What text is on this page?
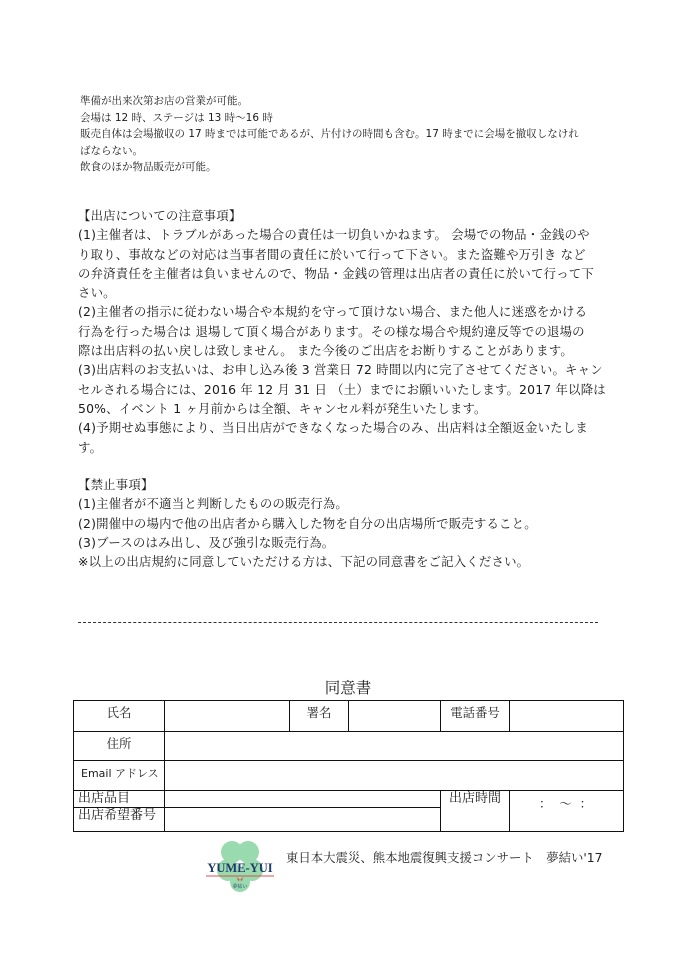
準備が出来次第お店の営業が可能。
会場は 12 時、ステージは 13 時～16 時
販売自体は会場撤収の 17 時までは可能であるが、片付けの時間も含む。17 時までに会場を撤収しなけれ
ばならない。
飲食のほか物品販売が可能。
【出店についての注意事項】
(1)主催者は、トラブルがあった場合の責任は一切負いかねます。 会場での物品・金銭のや
り取り、事故などの対応は当事者間の責任に於いて行って下さい。また盗難や万引き など
の弁済責任を主催者は負いませんので、物品・金銭の管理は出店者の責任に於いて行って下
さい。
(2)主催者の指示に従わない場合や本規約を守って頂けない場合、また他人に迷惑をかける
行為を行った場合は 退場して頂く場合があります。その様な場合や規約違反等での退場の
際は出店料の払い戻しは致しません。 また今後のご出店をお断りすることがあります。
(3)出店料のお支払いは、お申し込み後 3 営業日 72 時間以内に完了させてください。キャン
セルされる場合には、2016 年 12 月 31 日 （土）までにお願いいたします。2017 年以降は
50%、イベント 1 ヶ月前からは全額、キャンセル料が発生いたします。
(4)予期せぬ事態により、当日出店ができなくなった場合のみ、出店料は全額返金いたしま
す。
【禁止事項】
(1)主催者が不適当と判断したものの販売行為。
(2)開催中の場内で他の出店者から購入した物を自分の出店場所で販売すること。
(3)ブースのはみ出し、及び強引な販売行為。
※以上の出店規約に同意していただける方は、下記の同意書をご記入ください。
同意書
氏名		署名		電話番号	
住所					
Email アドレス					
出店品目				出店時間	： ～ ：
出店希望番号					
YUME-YUI
夢結い
東日本大震災、熊本地震復興支援コンサート　夢結い'17
